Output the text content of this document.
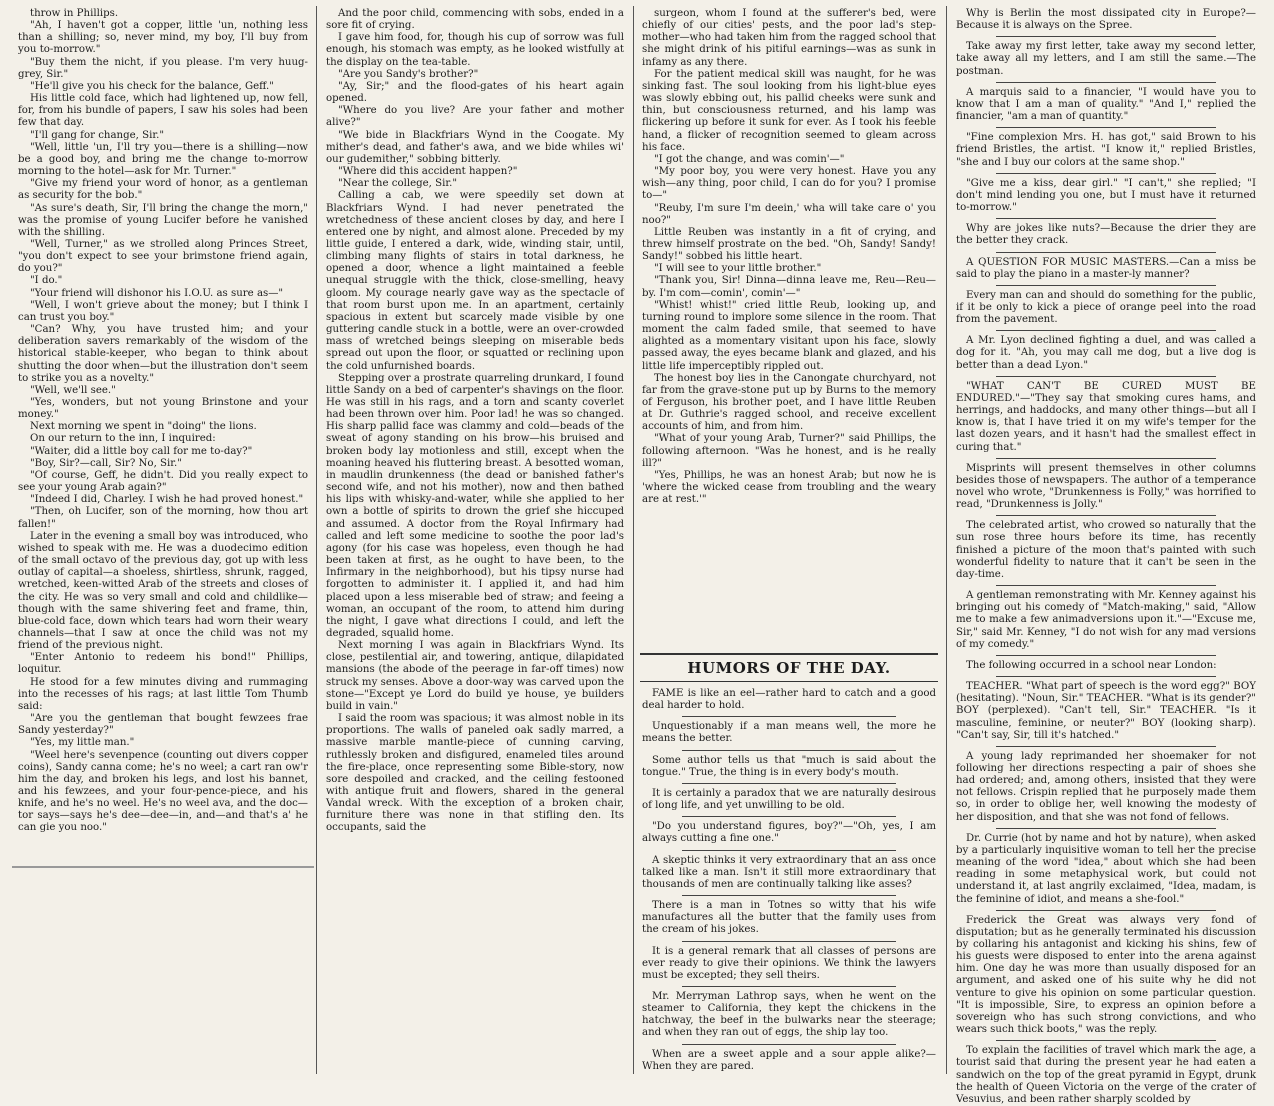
throw in Phillips.

"Ah, I haven't got a copper, little 'un, nothing less than a shilling; so, never mind, my boy, I'll buy from you to-morrow."

"Buy them the nicht, if you please. I'm very huug-grey, Sir."

"He'll give you his check for the balance, Geff."

His little cold face, which had lightened up, now fell, for, from his bundle of papers, I saw his soles had been few that day.

"I'll gang for change, Sir."

"Well, little 'un, I'll try you—there is a shilling—now be a good boy, and bring me the change to-morrow morning to the hotel—ask for Mr. Turner."

"Give my friend your word of honor, as a gentleman as security for the bob."

"As sure's death, Sir, I'll bring the change the morn," was the promise of young Lucifer before he vanished with the shilling.

"Well, Turner," as we strolled along Princes Street, "you don't expect to see your brimstone friend again, do you?"

"I do."

"Your friend will dishonor his I.O.U. as sure as—"

"Well, I won't grieve about the money; but I think I can trust you boy."

"Can? Why, you have trusted him; and your deliberation savers remarkably of the wisdom of the historical stable-keeper, who began to think about shutting the door when—but the illustration don't seem to strike you as a novelty."

"Well, we'll see."

"Yes, wonders, but not young Brinstone and your money."

Next morning we spent in "doing" the lions.

On our return to the inn, I inquired:

"Waiter, did a little boy call for me to-day?"

"Boy, Sir?—call, Sir? No, Sir."

"Of course, Geff, he didn't. Did you really expect to see your young Arab again?"

"Indeed I did, Charley. I wish he had proved honest."

"Then, oh Lucifer, son of the morning, how thou art fallen!"

Later in the evening a small boy was introduced, who wished to speak with me. He was a duodecimo edition of the small octavo of the previous day, got up with less outlay of capital—a shoeless, shirtless, shrunk, ragged, wretched, keen-witted Arab of the streets and closes of the city. He was so very small and cold and childlike—though with the same shivering feet and frame, thin, blue-cold face, down which tears had worn their weary channels—that I saw at once the child was not my friend of the previous night.

"Enter Antonio to redeem his bond!" Phillips, loquitur.

He stood for a few minutes diving and rummaging into the recesses of his rags; at last little Tom Thumb said:

"Are you the gentleman that bought fewzees frae Sandy yesterday?"

"Yes, my little man."

"Weel here's sevenpence (counting out divers copper coins), Sandy canna come; he's no weel; a cart ran ow'r him the day, and broken his legs, and lost his bannet, and his fewzees, and your four-pence-piece, and his knife, and he's no weel. He's no weel ava, and the doc—tor says—says he's dee—dee—in, and—and that's a' he can gie you noo."

And the poor child, commencing with sobs, ended in a sore fit of crying.

I gave him food, for, though his cup of sorrow was full enough, his stomach was empty, as he looked wistfully at the display on the tea-table.

"Are you Sandy's brother?"

"Ay, Sir;" and the flood-gates of his heart again opened.

"Where do you live? Are your father and mother alive?"

"We bide in Blackfriars Wynd in the Coogate. My mither's dead, and father's awa, and we bide whiles wi' our gudemither," sobbing bitterly.

"Where did this accident happen?"

"Near the college, Sir."

Calling a cab, we were speedily set down at Blackfriars Wynd. I had never penetrated the wretchedness of these ancient closes by day, and here I entered one by night, and almost alone. Preceded by my little guide, I entered a dark, wide, winding stair, until, climbing many flights of stairs in total darkness, he opened a door, whence a light maintained a feeble unequal struggle with the thick, close-smelling, heavy gloom. My courage nearly gave way as the spectacle of that room burst upon me. In an apartment, certainly spacious in extent but scarcely made visible by one guttering candle stuck in a bottle, were an over-crowded mass of wretched beings sleeping on miserable beds spread out upon the floor, or squatted or reclining upon the cold unfurnished boards.

Stepping over a prostrate quarreling drunkard, I found little Sandy on a bed of carpenter's shavings on the floor. He was still in his rags, and a torn and scanty coverlet had been thrown over him. Poor lad! he was so changed. His sharp pallid face was clammy and cold—beads of the sweat of agony standing on his brow—his bruised and broken body lay motionless and still, except when the moaning heaved his fluttering breast. A besotted woman, in maudlin drunkenness (the dead or banished father's second wife, and not his mother), now and then bathed his lips with whisky-and-water, while she applied to her own a bottle of spirits to drown the grief she hiccuped and assumed. A doctor from the Royal Infirmary had called and left some medicine to soothe the poor lad's agony (for his case was hopeless, even though he had been taken at first, as he ought to have been, to the Infirmary in the neighborhood), but his tipsy nurse had forgotten to administer it. I applied it, and had him placed upon a less miserable bed of straw; and feeing a woman, an occupant of the room, to attend him during the night, I gave what directions I could, and left the degraded, squalid home.

Next morning I was again in Blackfriars Wynd. Its close, pestilential air, and towering, antique, dilapidated mansions (the abode of the peerage in far-off times) now struck my senses. Above a door-way was carved upon the stone—"Except ye Lord do build ye house, ye builders build in vain."

I said the room was spacious; it was almost noble in its proportions. The walls of paneled oak sadly marred, a massive marble mantle-piece of cunning carving, ruthlessly broken and disfigured, enameled tiles around the fire-place, once representing some Bible-story, now sore despoiled and cracked, and the ceiling festooned with antique fruit and flowers, shared in the general Vandal wreck. With the exception of a broken chair, furniture there was none in that stifling den. Its occupants, said the

surgeon, whom I found at the sufferer's bed, were chiefly of our cities' pests, and the poor lad's step-mother—who had taken him from the ragged school that she might drink of his pitiful earnings—was as sunk in infamy as any there.

For the patient medical skill was naught, for he was sinking fast. The soul looking from his light-blue eyes was slowly ebbing out, his pallid cheeks were sunk and thin, but consciousness returned, and his lamp was flickering up before it sunk for ever. As I took his feeble hand, a flicker of recognition seemed to gleam across his face.

"I got the change, and was comin'—"

"My poor boy, you were very honest. Have you any wish—any thing, poor child, I can do for you? I promise to—"

"Reuby, I'm sure I'm deein,' wha will take care o' you noo?"

Little Reuben was instantly in a fit of crying, and threw himself prostrate on the bed. "Oh, Sandy! Sandy! Sandy!" sobbed his little heart.

"I will see to your little brother."

"Thank you, Sir! Dinna—dinna leave me, Reu—Reu—by. I'm com—comin', comin'—"

"Whist! whist!" cried little Reub, looking up, and turning round to implore some silence in the room. That moment the calm faded smile, that seemed to have alighted as a momentary visitant upon his face, slowly passed away, the eyes became blank and glazed, and his little life imperceptibly rippled out.

The honest boy lies in the Canongate churchyard, not far from the grave-stone put up by Burns to the memory of Ferguson, his brother poet, and I have little Reuben at Dr. Guthrie's ragged school, and receive excellent accounts of him, and from him.

"What of your young Arab, Turner?" said Phillips, the following afternoon. "Was he honest, and is he really ill?"

"Yes, Phillips, he was an honest Arab; but now he is 'where the wicked cease from troubling and the weary are at rest.'"

FAME is like an eel—rather hard to catch and a good deal harder to hold.

Unquestionably if a man means well, the more he means the better.

Some author tells us that "much is said about the tongue." True, the thing is in every body's mouth.

It is certainly a paradox that we are naturally desirous of long life, and yet unwilling to be old.

"Do you understand figures, boy?"—"Oh, yes, I am always cutting a fine one."

A skeptic thinks it very extraordinary that an ass once talked like a man. Isn't it still more extraordinary that thousands of men are continually talking like asses?

There is a man in Totnes so witty that his wife manufactures all the butter that the family uses from the cream of his jokes.

It is a general remark that all classes of persons are ever ready to give their opinions. We think the lawyers must be excepted; they sell theirs.

Mr. Merryman Lathrop says, when he went on the steamer to California, they kept the chickens in the hatchway, the beef in the bulwarks near the steerage; and when they ran out of eggs, the ship lay too.

When are a sweet apple and a sour apple alike?—When they are pared.

HUMORS OF THE DAY.

Why is Berlin the most dissipated city in Europe?—Because it is always on the Spree.

Take away my first letter, take away my second letter, take away all my letters, and I am still the same.—The postman.

A marquis said to a financier, "I would have you to know that I am a man of quality." "And I," replied the financier, "am a man of quantity."

"Fine complexion Mrs. H. has got," said Brown to his friend Bristles, the artist. "I know it," replied Bristles, "she and I buy our colors at the same shop."

"Give me a kiss, dear girl." "I can't," she replied; "I don't mind lending you one, but I must have it returned to-morrow."

Why are jokes like nuts?—Because the drier they are the better they crack.

A QUESTION FOR MUSIC MASTERS.—Can a miss be said to play the piano in a master-ly manner?

Every man can and should do something for the public, if it be only to kick a piece of orange peel into the road from the pavement.

A Mr. Lyon declined fighting a duel, and was called a dog for it. "Ah, you may call me dog, but a live dog is better than a dead Lyon."

"WHAT CAN'T BE CURED MUST BE ENDURED."—"They say that smoking cures hams, and herrings, and haddocks, and many other things—but all I know is, that I have tried it on my wife's temper for the last dozen years, and it hasn't had the smallest effect in curing that."

Misprints will present themselves in other columns besides those of newspapers. The author of a temperance novel who wrote, "Drunkenness is Folly," was horrified to read, "Drunkenness is Jolly."

The celebrated artist, who crowed so naturally that the sun rose three hours before its time, has recently finished a picture of the moon that's painted with such wonderful fidelity to nature that it can't be seen in the day-time.

A gentleman remonstrating with Mr. Kenney against his bringing out his comedy of "Match-making," said, "Allow me to make a few animadversions upon it."—"Excuse me, Sir," said Mr. Kenney, "I do not wish for any mad versions of my comedy."

The following occurred in a school near London:

TEACHER. "What part of speech is the word egg?" BOY (hesitating). "Noun, Sir." TEACHER. "What is its gender?" BOY (perplexed). "Can't tell, Sir." TEACHER. "Is it masculine, feminine, or neuter?" BOY (looking sharp). "Can't say, Sir, till it's hatched."

A young lady reprimanded her shoemaker for not following her directions respecting a pair of shoes she had ordered; and, among others, insisted that they were not fellows. Crispin replied that he purposely made them so, in order to oblige her, well knowing the modesty of her disposition, and that she was not fond of fellows.

Dr. Currie (hot by name and hot by nature), when asked by a particularly inquisitive woman to tell her the precise meaning of the word "idea," about which she had been reading in some metaphysical work, but could not understand it, at last angrily exclaimed, "Idea, madam, is the feminine of idiot, and means a she-fool."

Frederick the Great was always very fond of disputation; but as he generally terminated his discussion by collaring his antagonist and kicking his shins, few of his guests were disposed to enter into the arena against him. One day he was more than usually disposed for an argument, and asked one of his suite why he did not venture to give his opinion on some particular question. "It is impossible, Sire, to express an opinion before a sovereign who has such strong convictions, and who wears such thick boots," was the reply.

To explain the facilities of travel which mark the age, a tourist said that during the present year he had eaten a sandwich on the top of the great pyramid in Egypt, drunk the health of Queen Victoria on the verge of the crater of Vesuvius, and been rather sharply scolded by
